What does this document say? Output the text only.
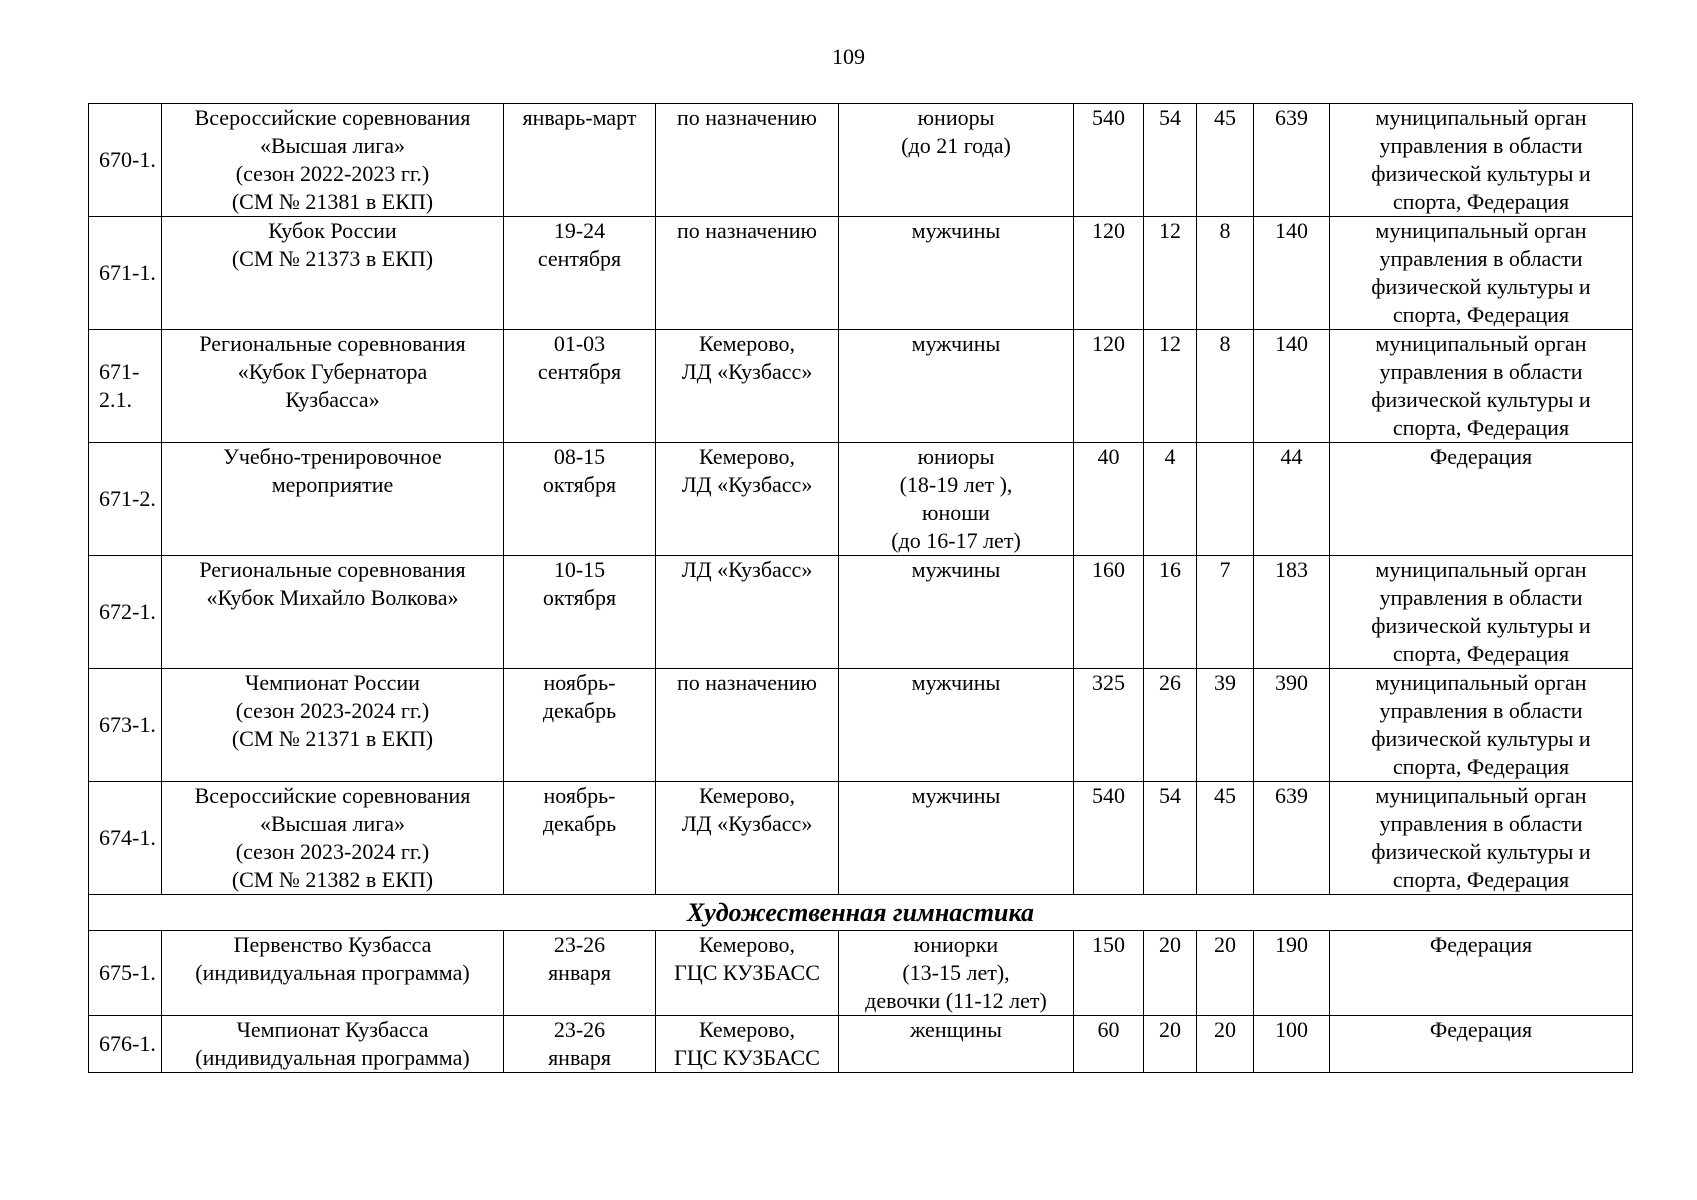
109
670-1.	Всероссийские соревнования
«Высшая лига»
(сезон 2022-2023 гг.)
(СМ № 21381 в ЕКП)	январь-март	по назначению	юниоры
(до 21 года)	540	54	45	639	муниципальный орган
управления в области
физической культуры и
спорта, Федерация

671-1.	Кубок России
(СМ № 21373 в ЕКП)	19-24
сентября	по назначению	мужчины	120	12	8	140	муниципальный орган
управления в области
физической культуры и
спорта, Федерация

671-
2.1.	Региональные соревнования
«Кубок Губернатора
Кузбасса»	01-03
сентября	Кемерово,
ЛД «Кузбасс»	мужчины	120	12	8	140	муниципальный орган
управления в области
физической культуры и
спорта, Федерация

671-2.	Учебно-тренировочное
мероприятие	08-15
октября	Кемерово,
ЛД «Кузбасс»	юниоры
(18-19 лет ),
юноши
(до 16-17 лет)	40	4		44	Федерация

672-1.	Региональные соревнования
«Кубок Михайло Волкова»	10-15
октября	ЛД «Кузбасс»	мужчины	160	16	7	183	муниципальный орган
управления в области
физической культуры и
спорта, Федерация

673-1.	Чемпионат России
(сезон 2023-2024 гг.)
(СМ № 21371 в ЕКП)	ноябрь-
декабрь	по назначению	мужчины	325	26	39	390	муниципальный орган
управления в области
физической культуры и
спорта, Федерация

674-1.	Всероссийские соревнования
«Высшая лига»
(сезон 2023-2024 гг.)
(СМ № 21382 в ЕКП)	ноябрь-
декабрь	Кемерово,
ЛД «Кузбасс»	мужчины	540	54	45	639	муниципальный орган
управления в области
физической культуры и
спорта, Федерация

Художественная гимнастика									

675-1.	Первенство Кузбасса
(индивидуальная программа)	23-26
января	Кемерово,
ГЦС КУЗБАСС	юниорки
(13-15 лет),
девочки (11-12 лет)	150	20	20	190	Федерация

676-1.	Чемпионат Кузбасса
(индивидуальная программа)	23-26
января	Кемерово,
ГЦС КУЗБАСС	женщины	60	20	20	100	Федерация
